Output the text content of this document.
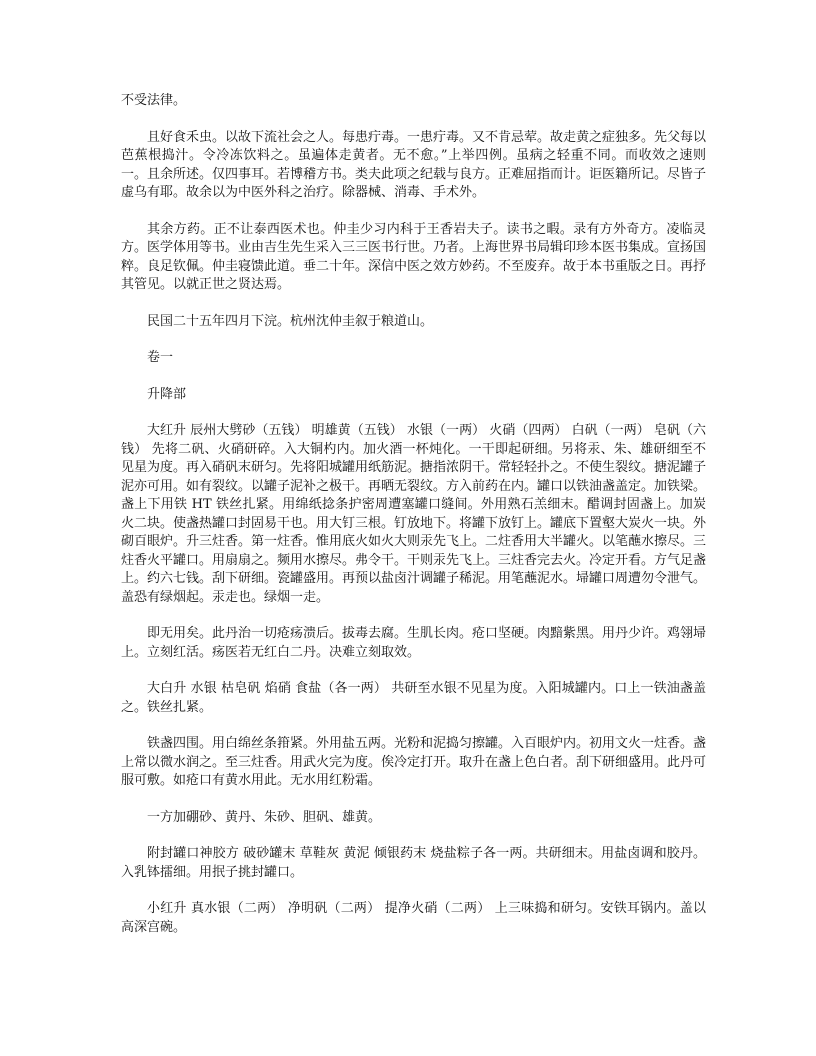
不受法律。

且好食禾虫。以故下流社会之人。每患疔毒。一患疔毒。又不肯忌荤。故走黄之症独多。先父每以芭蕉根捣汁。令冷冻饮料之。虽遍体走黄者。无不愈。”上举四例。虽病之轻重不同。而收效之速则一。且余所述。仅四事耳。若博稽方书。类夫此项之纪载与良方。正难屈指而计。讵医籍所记。尽皆子虚乌有耶。故余以为中医外科之治疗。除器械、消毒、手术外。

其余方药。正不让泰西医术也。仲圭少习内科于王香岩夫子。读书之暇。录有方外奇方。凌临灵方。医学体用等书。业由吉生先生采入三三医书行世。乃者。上海世界书局辑印珍本医书集成。宣扬国粹。良足钦佩。仲圭寝馈此道。垂二十年。深信中医之效方妙药。不至废弃。故于本书重版之日。再抒其管见。以就正世之贤达焉。

民国二十五年四月下浣。杭州沈仲圭叙于粮道山。

卷一

升降部

大红升 辰州大劈砂（五钱） 明雄黄（五钱） 水银（一两） 火硝（四两） 白矾（一两） 皂矾（六钱） 先将二矾、火硝研碎。入大铜杓内。加火酒一杯炖化。一干即起研细。另将汞、朱、雄研细至不见星为度。再入硝矾末研匀。先将阳城罐用纸筋泥。搪指浓阴干。常轻轻扑之。不使生裂纹。搪泥罐子泥亦可用。如有裂纹。以罐子泥补之极干。再晒无裂纹。方入前药在内。罐口以铁油盏盖定。加铁梁。盏上下用铁 HT 铁丝扎紧。用绵纸捻条护密周遭塞罐口缝间。外用熟石羔细末。醋调封固盏上。加炭火二块。使盏热罐口封固易干也。用大钉三根。钉放地下。将罐下放钉上。罐底下置壑大炭火一块。外砌百眼炉。升三炷香。第一炷香。惟用底火如火大则汞先飞上。二炷香用大半罐火。以笔蘸水擦尽。三炷香火平罐口。用扇扇之。频用水擦尽。弗令干。干则汞先飞上。三炷香完去火。冷定开看。方气足盏上。约六七钱。刮下研细。瓷罐盛用。再预以盐卤汁调罐子稀泥。用笔蘸泥水。埽罐口周遭勿令泄气。盖恐有绿烟起。汞走也。绿烟一走。

即无用矣。此丹治一切疮疡溃后。拔毒去腐。生肌长肉。疮口坚硬。肉黯紫黑。用丹少许。鸡翎埽上。立刻红活。疡医若无红白二丹。决难立刻取效。

大白升 水银 枯皂矾 焰硝 食盐（各一两） 共研至水银不见星为度。入阳城罐内。口上一铁油盏盖之。铁丝扎紧。

铁盏四围。用白绵丝条箝紧。外用盐五两。光粉和泥捣匀擦罐。入百眼炉内。初用文火一炷香。盏上常以微水润之。至三炷香。用武火完为度。俟冷定打开。取升在盏上色白者。刮下研细盛用。此丹可服可敷。如疮口有黄水用此。无水用红粉霜。

一方加硼砂、黄丹、朱砂、胆矾、雄黄。

附封罐口神胶方 破砂罐末 草鞋灰 黄泥 倾银药末 烧盐粽子各一两。共研细末。用盐卤调和胶丹。入乳钵擂细。用抿子挑封罐口。

小红升 真水银（二两） 净明矾（二两） 提净火硝（二两） 上三味捣和研匀。安铁耳锅内。盖以高深宫碗。
